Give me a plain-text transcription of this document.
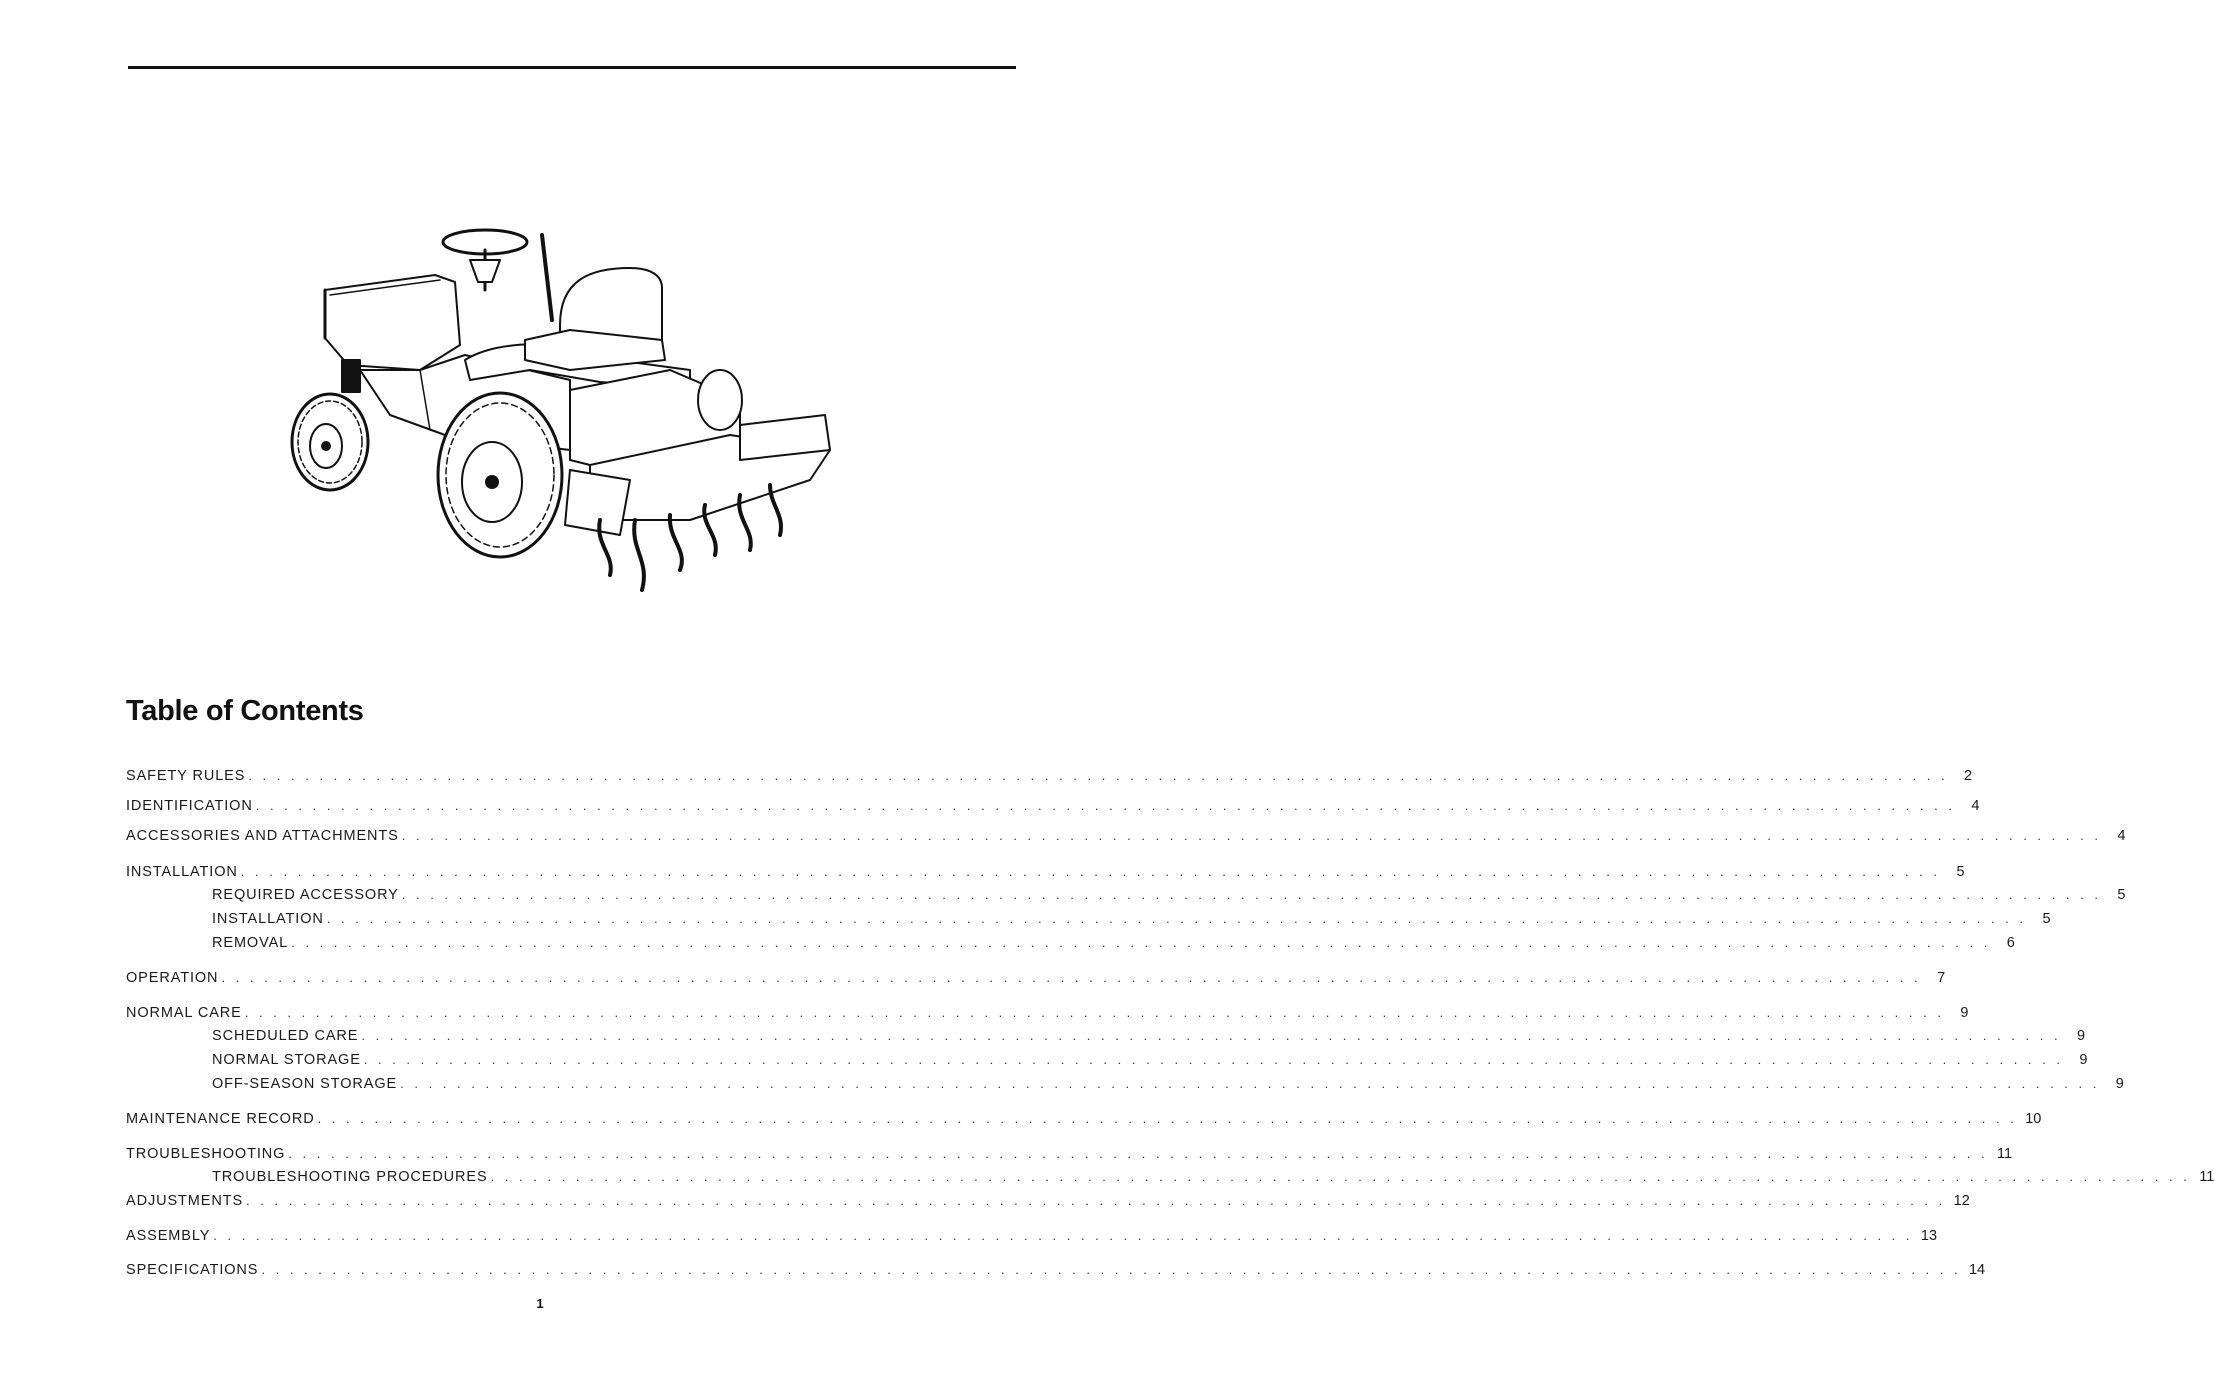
Table of Contents
SAFETY RULES . . . . . . . . . . . . . . . . . . . . . . . . . . . . . . . . . . . . . . . . . . . . . . . . . . . . . . . . . . . . . . . . . . . . . . . . . . . . . . . . . . . . . . . . . . . . . . . . . . . . . . . . . . . . . . . . . . . . . . . .	2
IDENTIFICATION . . . . . . . . . . . . . . . . . . . . . . . . . . . . . . . . . . . . . . . . . . . . . . . . . . . . . . . . . . . . . . . . . . . . . . . . . . . . . . . . . . . . . . . . . . . . . . . . . . . . . . . . . . . . . . . . . . . . . . . .	4
ACCESSORIES AND ATTACHMENTS . . . . . . . . . . . . . . . . . . . . . . . . . . . . . . . . . . . . . . . . . . . . . . . . . . . . . . . . . . . . . . . . . . . . . . . . . . . . . . . . . . . . . . . . . . . . . . . . . . . . . . . . . . . . . . . . . . . . . . . .	4
INSTALLATION . . . . . . . . . . . . . . . . . . . . . . . . . . . . . . . . . . . . . . . . . . . . . . . . . . . . . . . . . . . . . . . . . . . . . . . . . . . . . . . . . . . . . . . . . . . . . . . . . . . . . . . . . . . . . . . . . . . . . . . .	5
REQUIRED ACCESSORY . . . . . . . . . . . . . . . . . . . . . . . . . . . . . . . . . . . . . . . . . . . . . . . . . . . . . . . . . . . . . . . . . . . . . . . . . . . . . . . . . . . . . . . . . . . . . . . . . . . . . . . . . . . . . . . . . . . . . . . .	5
INSTALLATION . . . . . . . . . . . . . . . . . . . . . . . . . . . . . . . . . . . . . . . . . . . . . . . . . . . . . . . . . . . . . . . . . . . . . . . . . . . . . . . . . . . . . . . . . . . . . . . . . . . . . . . . . . . . . . . . . . . . . . . .	5
REMOVAL . . . . . . . . . . . . . . . . . . . . . . . . . . . . . . . . . . . . . . . . . . . . . . . . . . . . . . . . . . . . . . . . . . . . . . . . . . . . . . . . . . . . . . . . . . . . . . . . . . . . . . . . . . . . . . . . . . . . . . . .	6
OPERATION . . . . . . . . . . . . . . . . . . . . . . . . . . . . . . . . . . . . . . . . . . . . . . . . . . . . . . . . . . . . . . . . . . . . . . . . . . . . . . . . . . . . . . . . . . . . . . . . . . . . . . . . . . . . . . . . . . . . . . . .	7
NORMAL CARE . . . . . . . . . . . . . . . . . . . . . . . . . . . . . . . . . . . . . . . . . . . . . . . . . . . . . . . . . . . . . . . . . . . . . . . . . . . . . . . . . . . . . . . . . . . . . . . . . . . . . . . . . . . . . . . . . . . . . . . .	9
SCHEDULED CARE . . . . . . . . . . . . . . . . . . . . . . . . . . . . . . . . . . . . . . . . . . . . . . . . . . . . . . . . . . . . . . . . . . . . . . . . . . . . . . . . . . . . . . . . . . . . . . . . . . . . . . . . . . . . . . . . . . . . . . . .	9
NORMAL STORAGE . . . . . . . . . . . . . . . . . . . . . . . . . . . . . . . . . . . . . . . . . . . . . . . . . . . . . . . . . . . . . . . . . . . . . . . . . . . . . . . . . . . . . . . . . . . . . . . . . . . . . . . . . . . . . . . . . . . . . . . .	9
OFF-SEASON STORAGE . . . . . . . . . . . . . . . . . . . . . . . . . . . . . . . . . . . . . . . . . . . . . . . . . . . . . . . . . . . . . . . . . . . . . . . . . . . . . . . . . . . . . . . . . . . . . . . . . . . . . . . . . . . . . . . . . . . . . . . .	9
MAINTENANCE RECORD . . . . . . . . . . . . . . . . . . . . . . . . . . . . . . . . . . . . . . . . . . . . . . . . . . . . . . . . . . . . . . . . . . . . . . . . . . . . . . . . . . . . . . . . . . . . . . . . . . . . . . . . . . . . . . . . . . . . . . . . 10
TROUBLESHOOTING . . . . . . . . . . . . . . . . . . . . . . . . . . . . . . . . . . . . . . . . . . . . . . . . . . . . . . . . . . . . . . . . . . . . . . . . . . . . . . . . . . . . . . . . . . . . . . . . . . . . . . . . . . . . . . . . . . . . . . . . 11
TROUBLESHOOTING PROCEDURES . . . . . . . . . . . . . . . . . . . . . . . . . . . . . . . . . . . . . . . . . . . . . . . . . . . . . . . . . . . . . . . . . . . . . . . . . . . . . . . . . . . . . . . . . . . . . . . . . . . . . . . . . . . . . . . . . . . . . . . . 11
ADJUSTMENTS . . . . . . . . . . . . . . . . . . . . . . . . . . . . . . . . . . . . . . . . . . . . . . . . . . . . . . . . . . . . . . . . . . . . . . . . . . . . . . . . . . . . . . . . . . . . . . . . . . . . . . . . . . . . . . . . . . . . . . . . 12
ASSEMBLY . . . . . . . . . . . . . . . . . . . . . . . . . . . . . . . . . . . . . . . . . . . . . . . . . . . . . . . . . . . . . . . . . . . . . . . . . . . . . . . . . . . . . . . . . . . . . . . . . . . . . . . . . . . . . . . . . . . . . . . . 13
SPECIFICATIONS . . . . . . . . . . . . . . . . . . . . . . . . . . . . . . . . . . . . . . . . . . . . . . . . . . . . . . . . . . . . . . . . . . . . . . . . . . . . . . . . . . . . . . . . . . . . . . . . . . . . . . . . . . . . . . . . . . . . . . . . 14
1
